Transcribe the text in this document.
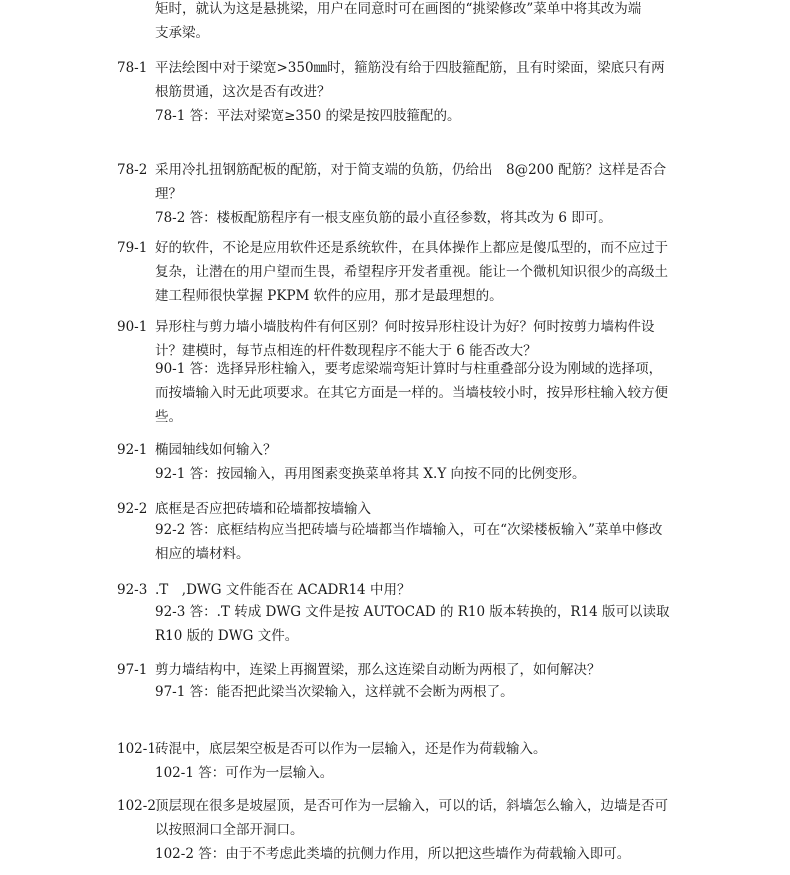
矩时，就认为这是悬挑梁，用户在同意时可在画图的“挑梁修改”菜单中将其改为端
支承梁。
78-1 平法绘图中对于梁宽>350㎜时，箍筋没有给于四肢箍配筋，且有时梁面，梁底只有两根筋贯通，这次是否有改进？
78-1 答：平法对梁宽≥350 的梁是按四肢箍配的。
78-2 采用冷扎扭钢筋配板的配筋，对于简支端的负筋，仍给出　8@200 配筋？这样是否合理？
78-2 答：楼板配筋程序有一根支座负筋的最小直径参数，将其改为 6 即可。
79-1 好的软件，不论是应用软件还是系统软件，在具体操作上都应是傻瓜型的，而不应过于复杂，让潜在的用户望而生畏，希望程序开发者重视。能让一个微机知识很少的高级土建工程师很快掌握 PKPM 软件的应用，那才是最理想的。
90-1 异形柱与剪力墙小墙肢构件有何区别？何时按异形柱设计为好？何时按剪力墙构件设计？建模时，每节点相连的杆件数现程序不能大于 6 能否改大？
90-1 答：选择异形柱输入，要考虑梁端弯矩计算时与柱重叠部分设为刚域的选择项，而按墙输入时无此项要求。在其它方面是一样的。当墙枝较小时，按异形柱输入较方便些。
92-1 椭园轴线如何输入？
92-1 答：按园输入，再用图素变换菜单将其 X.Y 向按不同的比例变形。
92-2 底框是否应把砖墙和砼墙都按墙输入
92-2 答：底框结构应当把砖墙与砼墙都当作墙输入，可在“次梁楼板输入”菜单中修改相应的墙材料。
92-3 .T　,DWG 文件能否在 ACADR14 中用？
92-3 答：.T 转成 DWG 文件是按 AUTOCAD 的 R10 版本转换的，R14 版可以读取 R10 版的 DWG 文件。
97-1 剪力墙结构中，连梁上再搁置梁，那么这连梁自动断为两根了，如何解决？
97-1 答：能否把此梁当次梁输入，这样就不会断为两根了。
102-1 砖混中，底层架空板是否可以作为一层输入，还是作为荷载输入。
102-1 答：可作为一层输入。
102-2 顶层现在很多是坡屋顶，是否可作为一层输入，可以的话，斜墙怎么输入，边墙是否可以按照洞口全部开洞口。
102-2 答：由于不考虑此类墙的抗侧力作用，所以把这些墙作为荷载输入即可。
